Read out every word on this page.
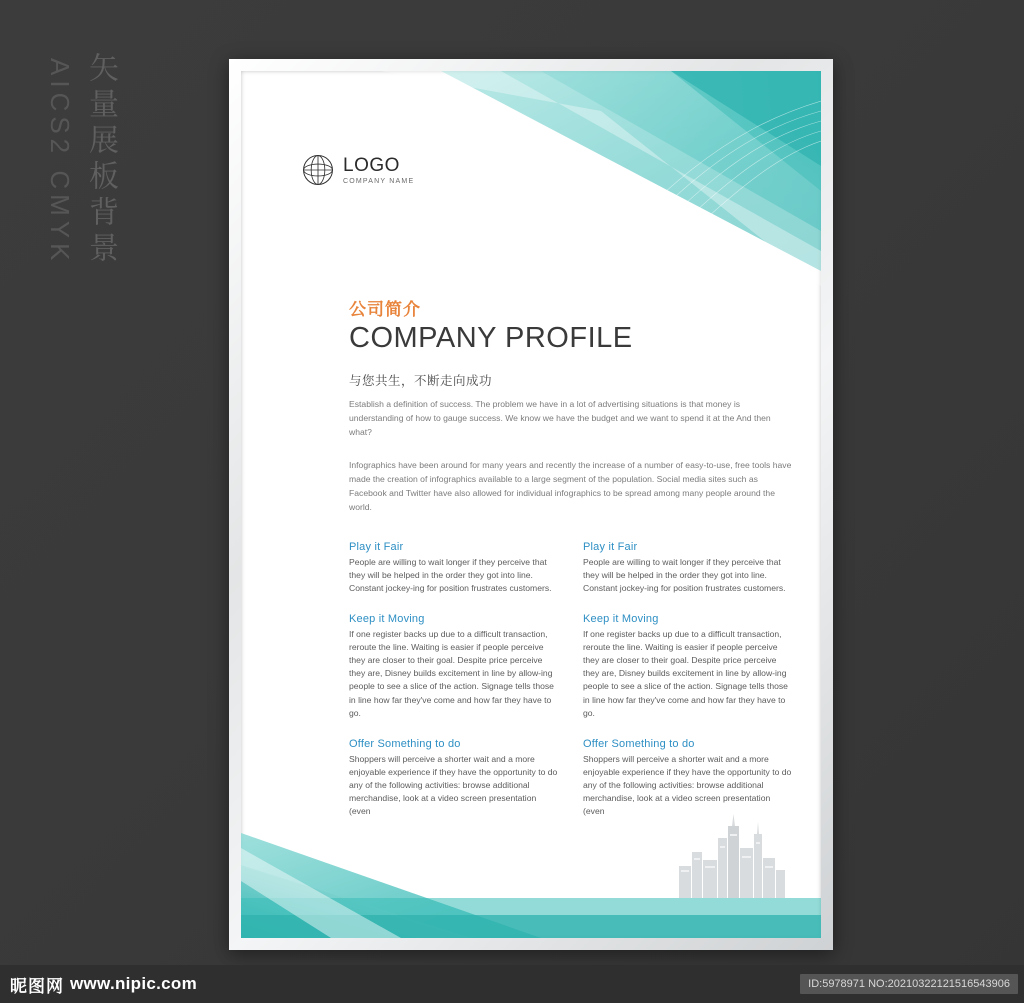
矢量展板背景
AICS2 CMYK	LOGO
COMPANY NAME
公司简介
COMPANY PROFILE
与您共生，不断走向成功

Establish a definition of success. The problem we have in a lot of advertising situations is that money is understanding of how to gauge success. We know we have the budget and we want to spend it at the And then what?

Infographics have been around for many years and recently the increase of a number of easy-to-use, free tools have made the creation of infographics available to a large segment of the population. Social media sites such as Facebook and Twitter have also allowed for individual infographics to be spread among many people around the world.

Play it Fair

People are willing to wait longer if they perceive that they will be helped in the order they got into line. Constant jockey-ing for position frustrates customers.

Keep it Moving

If one register backs up due to a difficult transaction, reroute the line. Waiting is easier if people perceive they are closer to their goal. Despite price perceive they are, Disney builds excitement in line by allow-ing people to see a slice of the action. Signage tells those in line how far they've come and how far they have to go.

Offer Something to do

Shoppers will perceive a shorter wait and a more enjoyable experience if they have the opportunity to do any of the following activities: browse additional merchandise, look at a video screen presentation (even

Play it Fair

People are willing to wait longer if they perceive that they will be helped in the order they got into line. Constant jockey-ing for position frustrates customers.

Keep it Moving

If one register backs up due to a difficult transaction, reroute the line. Waiting is easier if people perceive they are closer to their goal. Despite price perceive they are, Disney builds excitement in line by allow-ing people to see a slice of the action. Signage tells those in line how far they've come and how far they have to go.

Offer Something to do

Shoppers will perceive a shorter wait and a more enjoyable experience if they have the opportunity to do any of the following activities: browse additional merchandise, look at a video screen presentation (even

昵图网 www.nipic.com	ID:5978971 NO:20210322121516543906
